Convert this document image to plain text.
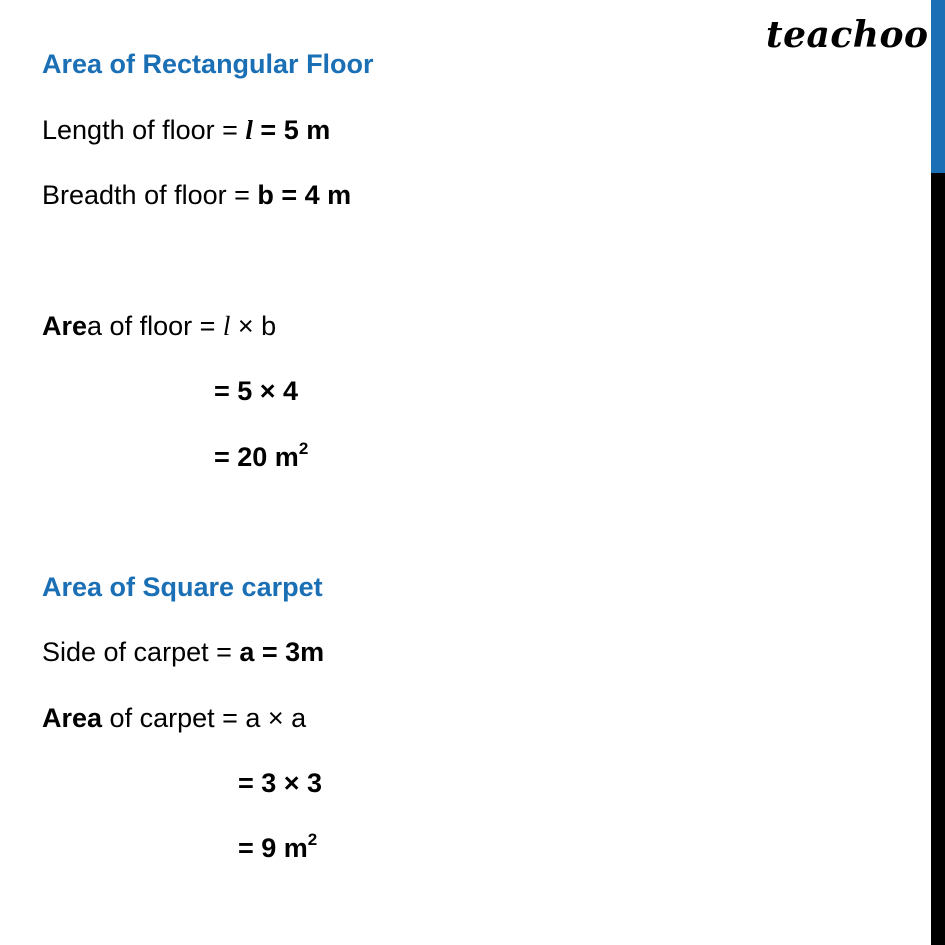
teachoo
Area of Rectangular Floor
Length of floor = l = 5 m
Breadth of floor = b = 4 m
Area of floor = l × b
= 5 × 4
= 20 $m^2$
Area of Square carpet
Side of carpet = a = 3m
Area of carpet = a × a
= 3 × 3
= 9 $m^2$
